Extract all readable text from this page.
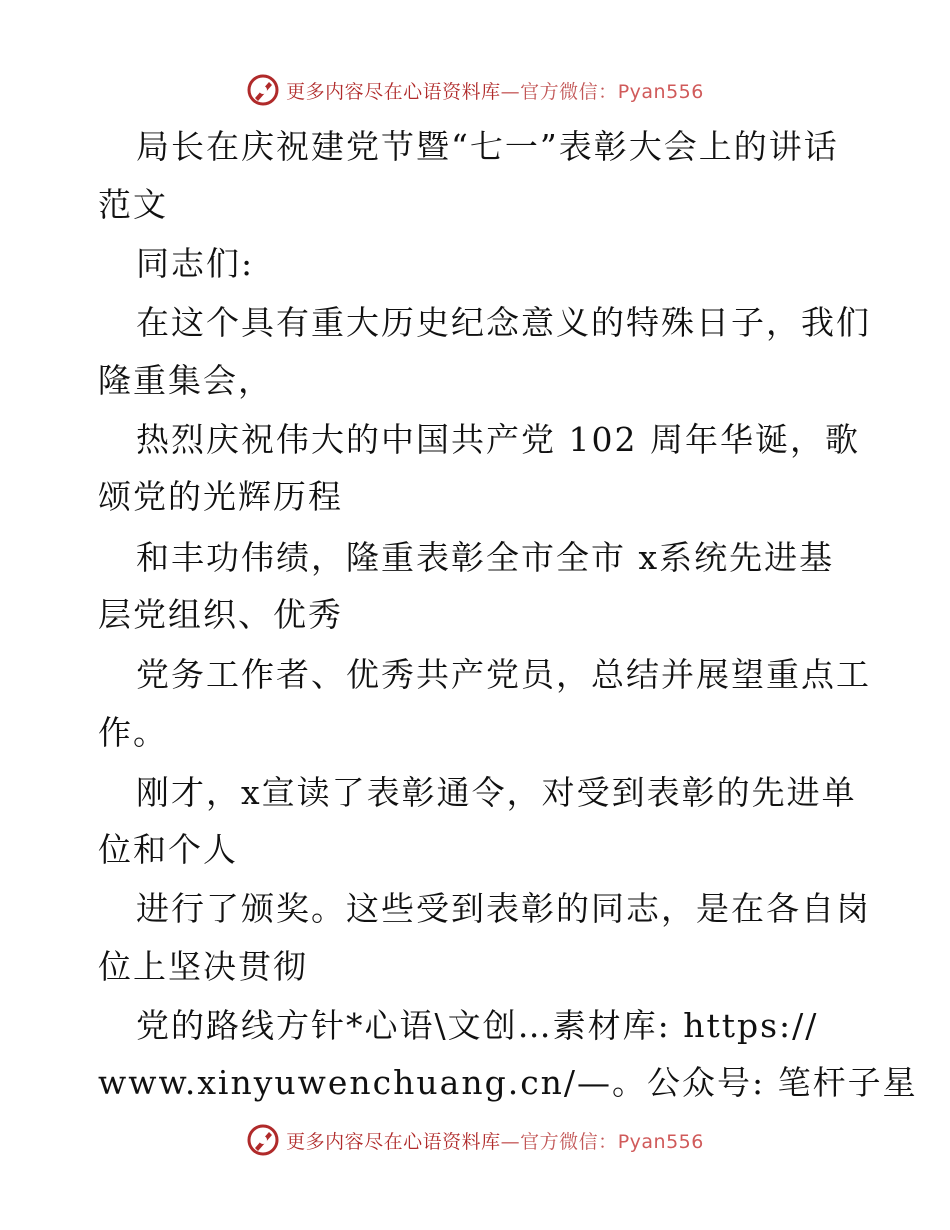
更多内容尽在心语资料库—官方微信：Pyan556
局长在庆祝建党节暨“七一”表彰大会上的讲话
范文
同志们:
在这个具有重大历史纪念意义的特殊日子，我们
隆重集会，
热烈庆祝伟大的中国共产党 102 周年华诞，歌
颂党的光辉历程
和丰功伟绩，隆重表彰全市全市 x系统先进基
层党组织、优秀
党务工作者、优秀共产党员，总结并展望重点工
作。
刚才，x宣读了表彰通令，对受到表彰的先进单
位和个人
进行了颁奖。这些受到表彰的同志，是在各自岗
位上坚决贯彻
党的路线方针*心语\文创…素材库: https://
www.xinyuwenchuang.cn/—。公众号: 笔杆子星
更多内容尽在心语资料库—官方微信：Pyan556
